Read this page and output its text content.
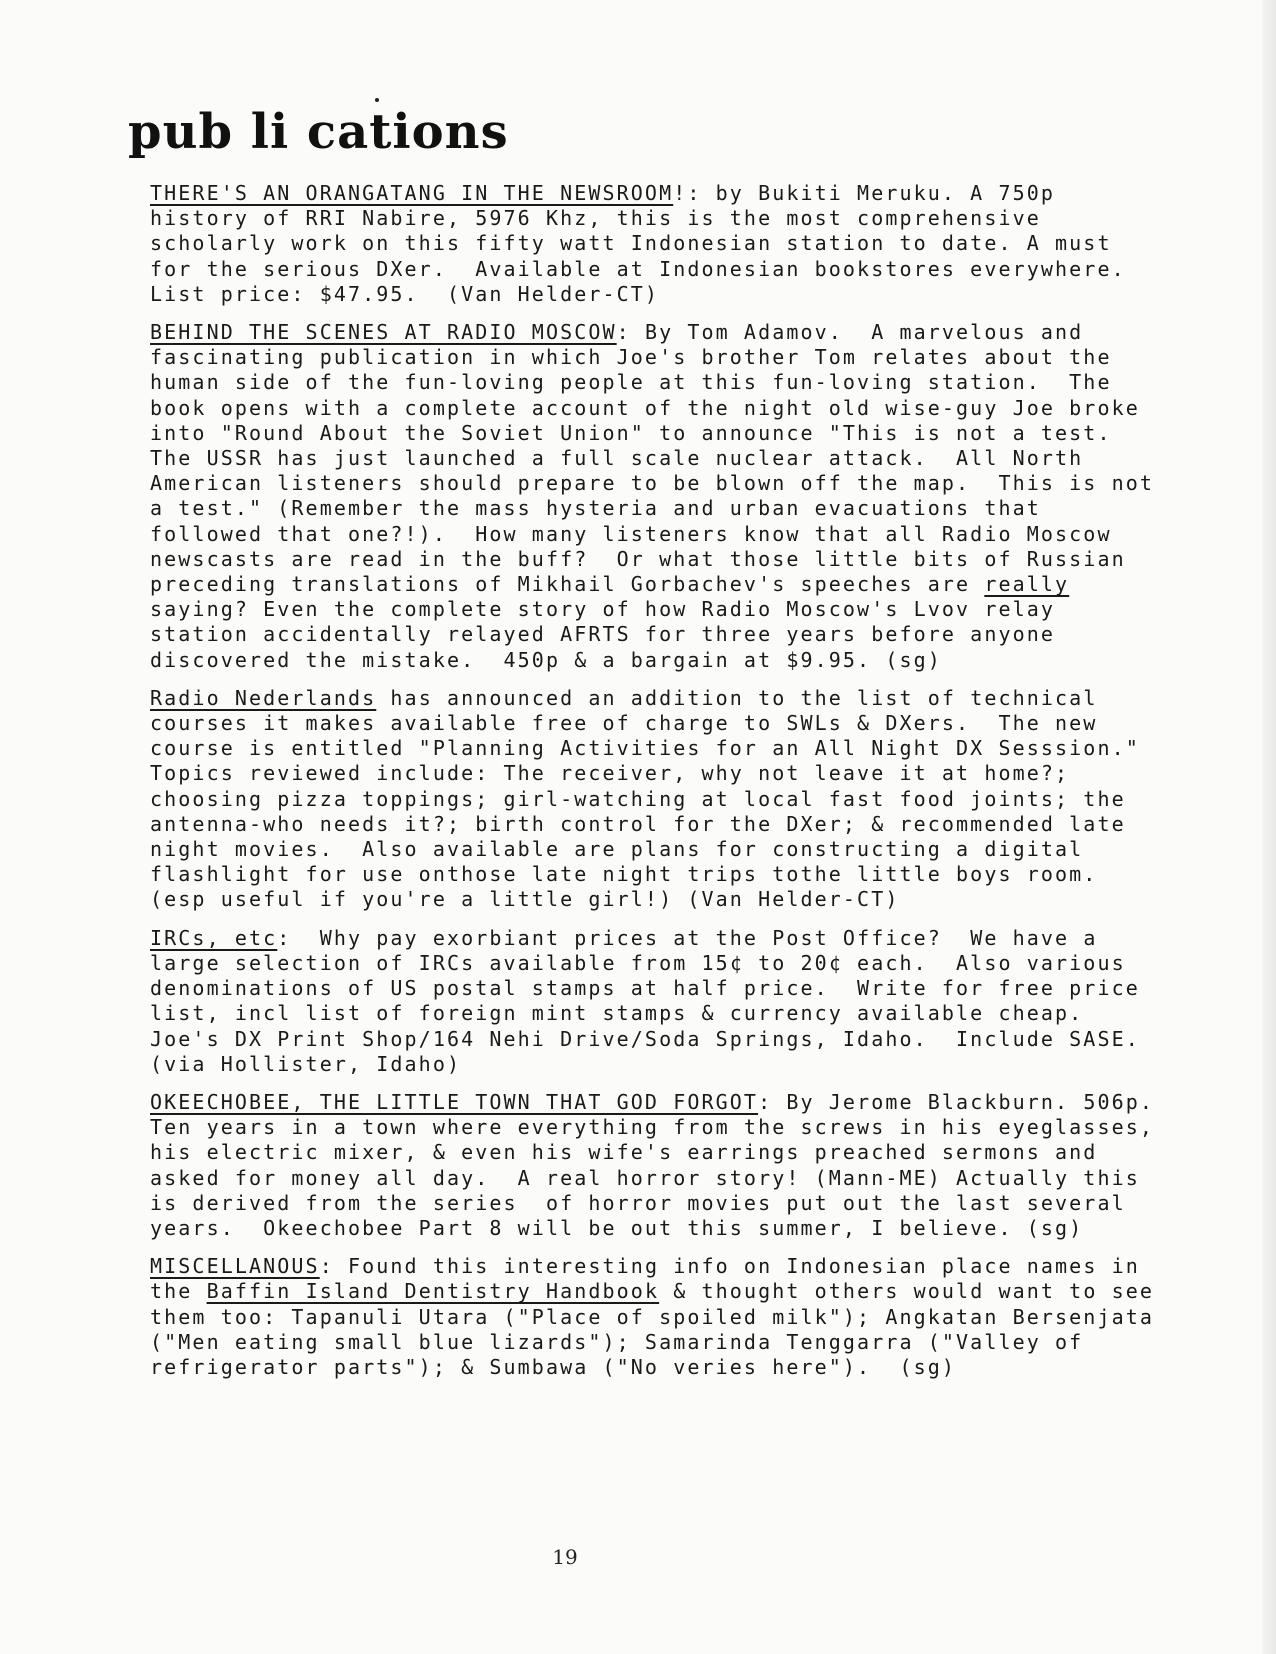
pub li cations

THERE'S AN ORANGATANG IN THE NEWSROOM!: by Bukiti Meruku. A 750p history of RRI Nabire, 5976 Khz, this is the most comprehensive scholarly work on this fifty watt Indonesian station to date. A must for the serious DXer.  Available at Indonesian bookstores everywhere.  List price: $47.95.  (Van Helder-CT)

BEHIND THE SCENES AT RADIO MOSCOW: By Tom Adamov.  A marvelous and fascinating publication in which Joe's brother Tom relates about the human side of the fun-loving people at this fun-loving station.  The book opens with a complete account of the night old wise-guy Joe broke into "Round About the Soviet Union" to announce "This is not a test.  The USSR has just launched a full scale nuclear attack.  All North American listeners should prepare to be blown off the map.  This is not a test." (Remember the mass hysteria and urban evacuations that followed that one?!).  How many listeners know that all Radio Moscow newscasts are read in the buff?  Or what those little bits of Russian preceding translations of Mikhail Gorbachev's speeches are really saying? Even the complete story of how Radio Moscow's Lvov relay station accidentally relayed AFRTS for three years before anyone discovered the mistake.  450p & a bargain at $9.95. (sg)

Radio Nederlands has announced an addition to the list of technical courses it makes available free of charge to SWLs & DXers.  The new course is entitled "Planning Activities for an All Night DX Sesssion."  Topics reviewed include: The receiver, why not leave it at home?; choosing pizza toppings; girl-watching at local fast food joints; the antenna-who needs it?; birth control for the DXer; & recommended late night movies.  Also available are plans for constructing a digital flashlight for use onthose late night trips tothe little boys room. (esp useful if you're a little girl!) (Van Helder-CT)

IRCs, etc:  Why pay exorbiant prices at the Post Office?  We have a large selection of IRCs available from 15¢ to 20¢ each.  Also various denominations of US postal stamps at half price.  Write for free price list, incl list of foreign mint stamps & currency available cheap.  Joe's DX Print Shop/164 Nehi Drive/Soda Springs, Idaho.  Include SASE. (via Hollister, Idaho)

OKEECHOBEE, THE LITTLE TOWN THAT GOD FORGOT: By Jerome Blackburn. 506p.  Ten years in a town where everything from the screws in his eyeglasses, his electric mixer, & even his wife's earrings preached sermons and asked for money all day.  A real horror story! (Mann-ME) Actually this is derived from the series  of horror movies put out the last several years.  Okeechobee Part 8 will be out this summer, I believe. (sg)

MISCELLANOUS: Found this interesting info on Indonesian place names in the Baffin Island Dentistry Handbook & thought others would want to see them too: Tapanuli Utara ("Place of spoiled milk"); Angkatan Bersenjata ("Men eating small blue lizards"); Samarinda Tenggarra ("Valley of refrigerator parts"); & Sumbawa ("No veries here").  (sg)

19
